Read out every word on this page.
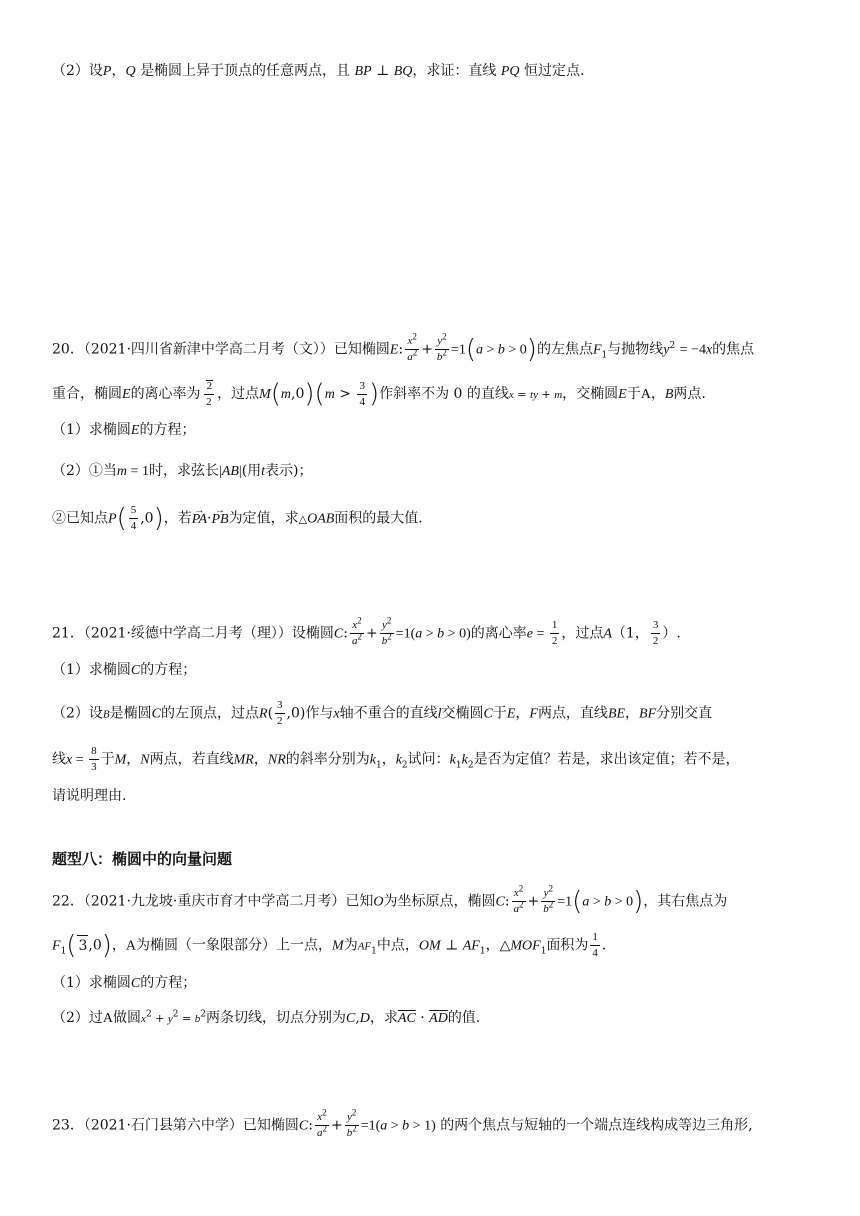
（2）设P，Q 是椭圆上异于顶点的任意两点，且 BP ⊥ BQ，求证：直线 PQ 恒过定点.
20．（2021·四川省新津中学高二月考（文））已知椭圆E: $\frac{x^2}{a^2} + \frac{y^2}{b^2} =1(a > b > 0)$的左焦点$F_1$与抛物线$y^2 = -4x$的焦点
重合，椭圆E的离心率为 $\frac{2}{2}$ ，过点$M(m,0)(m > \frac{3}{4}$ )作斜率不为 0 的直线x = ty + m，交椭圆E于A，B两点.
（1）求椭圆E的方程；
（2）①当m = 1时，求弦长|AB|(用t表示)；
②已知点$P( \frac{5}{4} ,0)$，若→ PA·→ PB为定值，求△OAB面积的最大值.
21．（2021·绥德中学高二月考（理））设椭圆C: $\frac{x^2}{a^2} + \frac{y^2}{b^2} =1(a > b > 0)$的离心率$e = \frac{1}{2}$ ，过点A（1， $\frac{3}{2}$ ）.
（1）求椭圆C的方程；
（2）设B是椭圆C的左顶点，过点$R( \frac{3}{2} ,0)$作与x轴不重合的直线l交椭圆C于E，F两点，直线BE，BF分别交直
线$x = \frac{8}{3}$ 于M，N两点，若直线MR，NR的斜率分别为$k_1$，$k_2$试问：$k_1k_2$是否为定值？若是，求出该定值；若不是，
请说明理由.
题型八：椭圆中的向量问题
22．（2021·九龙坡·重庆市育才中学高二月考）已知O为坐标原点，椭圆C: $\frac{x^2}{a^2} + \frac{y^2}{b^2} =1(a > b > 0)$，其右焦点为
$F_1$( 3,0)，A为椭圆（一象限部分）上一点，M为$AF_1$中点，OM ⊥ $AF_1$，$\triangle MOF_1$面积为 $\frac{1}{4}$ .
（1）求椭圆C的方程；
（2）过A做圆$x^2 + y^2 = b^2$两条切线，切点分别为C,D，求$\overline{AC} \cdot \overline{AD}$的值.
23．（2021·石门县第六中学）已知椭圆C: $\frac{x^2}{a^2} + \frac{y^2}{b^2} =1(a > b > 1)$ 的两个焦点与短轴的一个端点连线构成等边三角形,
